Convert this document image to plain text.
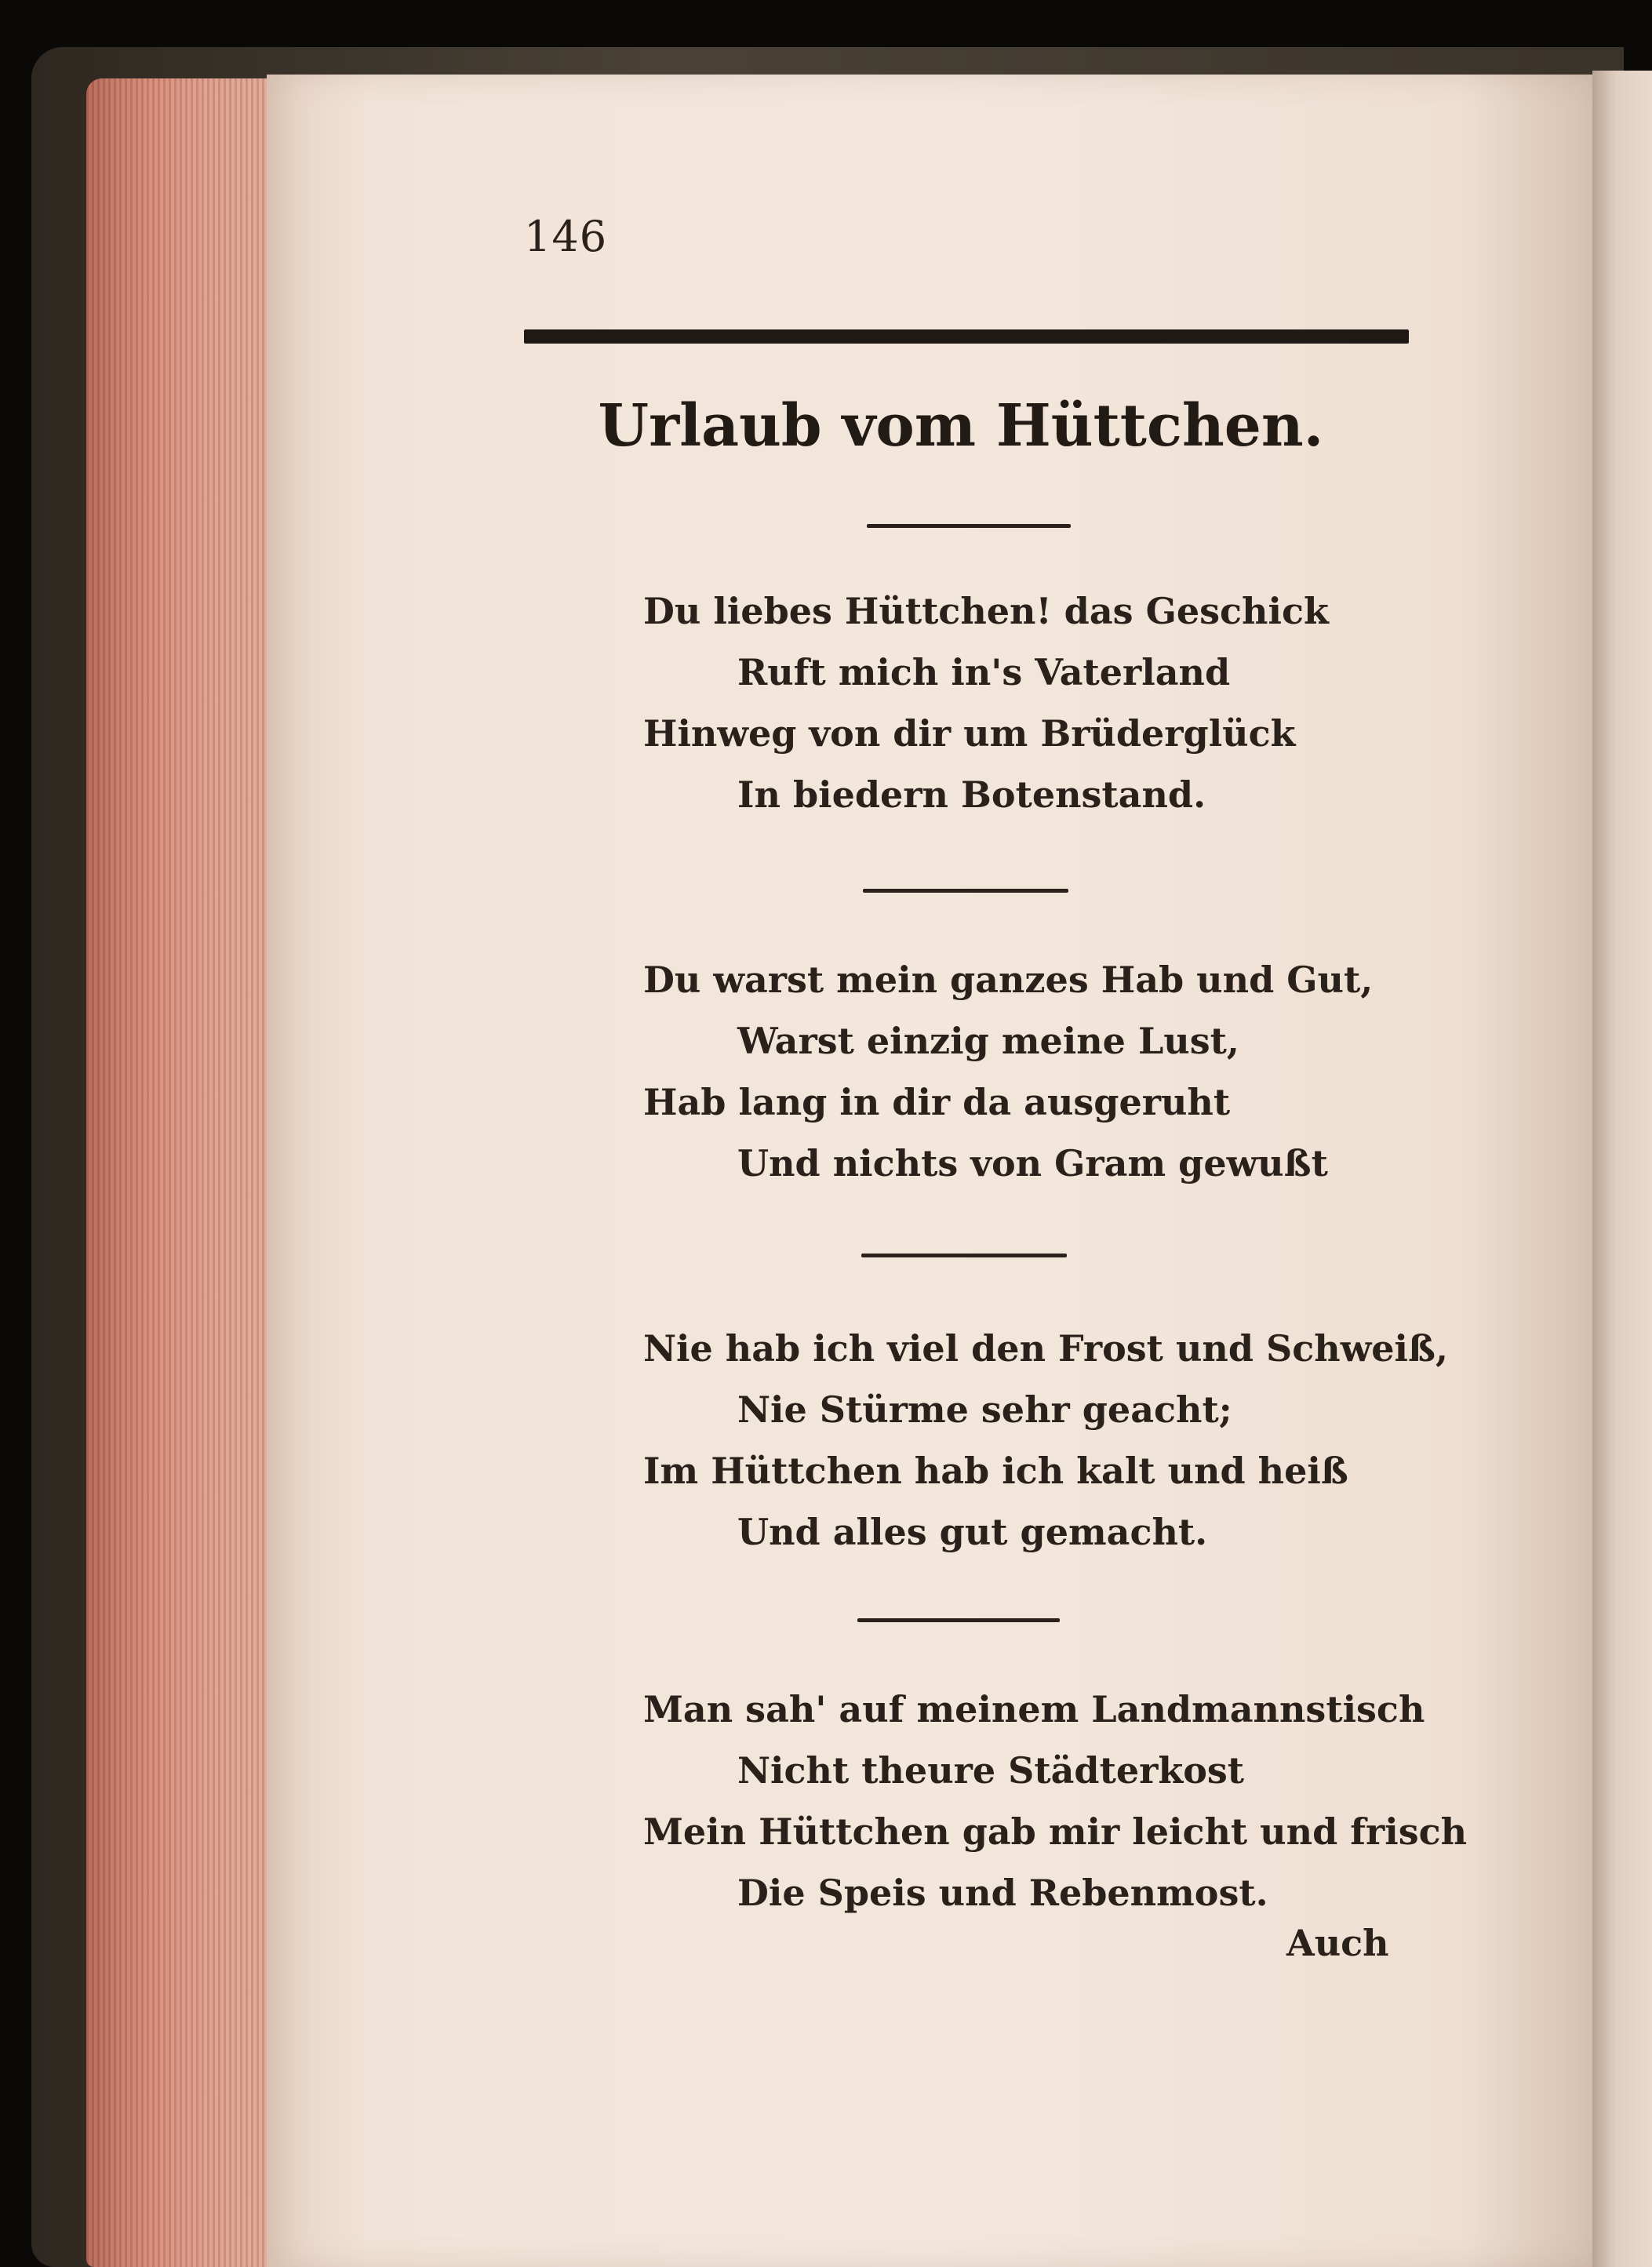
146
Urlaub vom Hüttchen.
Du liebes Hüttchen! das Geschick
Ruft mich in's Vaterland
Hinweg von dir um Brüderglück
In biedern Botenstand.
Du warst mein ganzes Hab und Gut,
Warst einzig meine Lust,
Hab lang in dir da ausgeruht
Und nichts von Gram gewußt
Nie hab ich viel den Frost und Schweiß,
Nie Stürme sehr geacht;
Im Hüttchen hab ich kalt und heiß
Und alles gut gemacht.
Man sah' auf meinem Landmannstisch
Nicht theure Städterkost
Mein Hüttchen gab mir leicht und frisch
Die Speis und Rebenmost.
Auch
